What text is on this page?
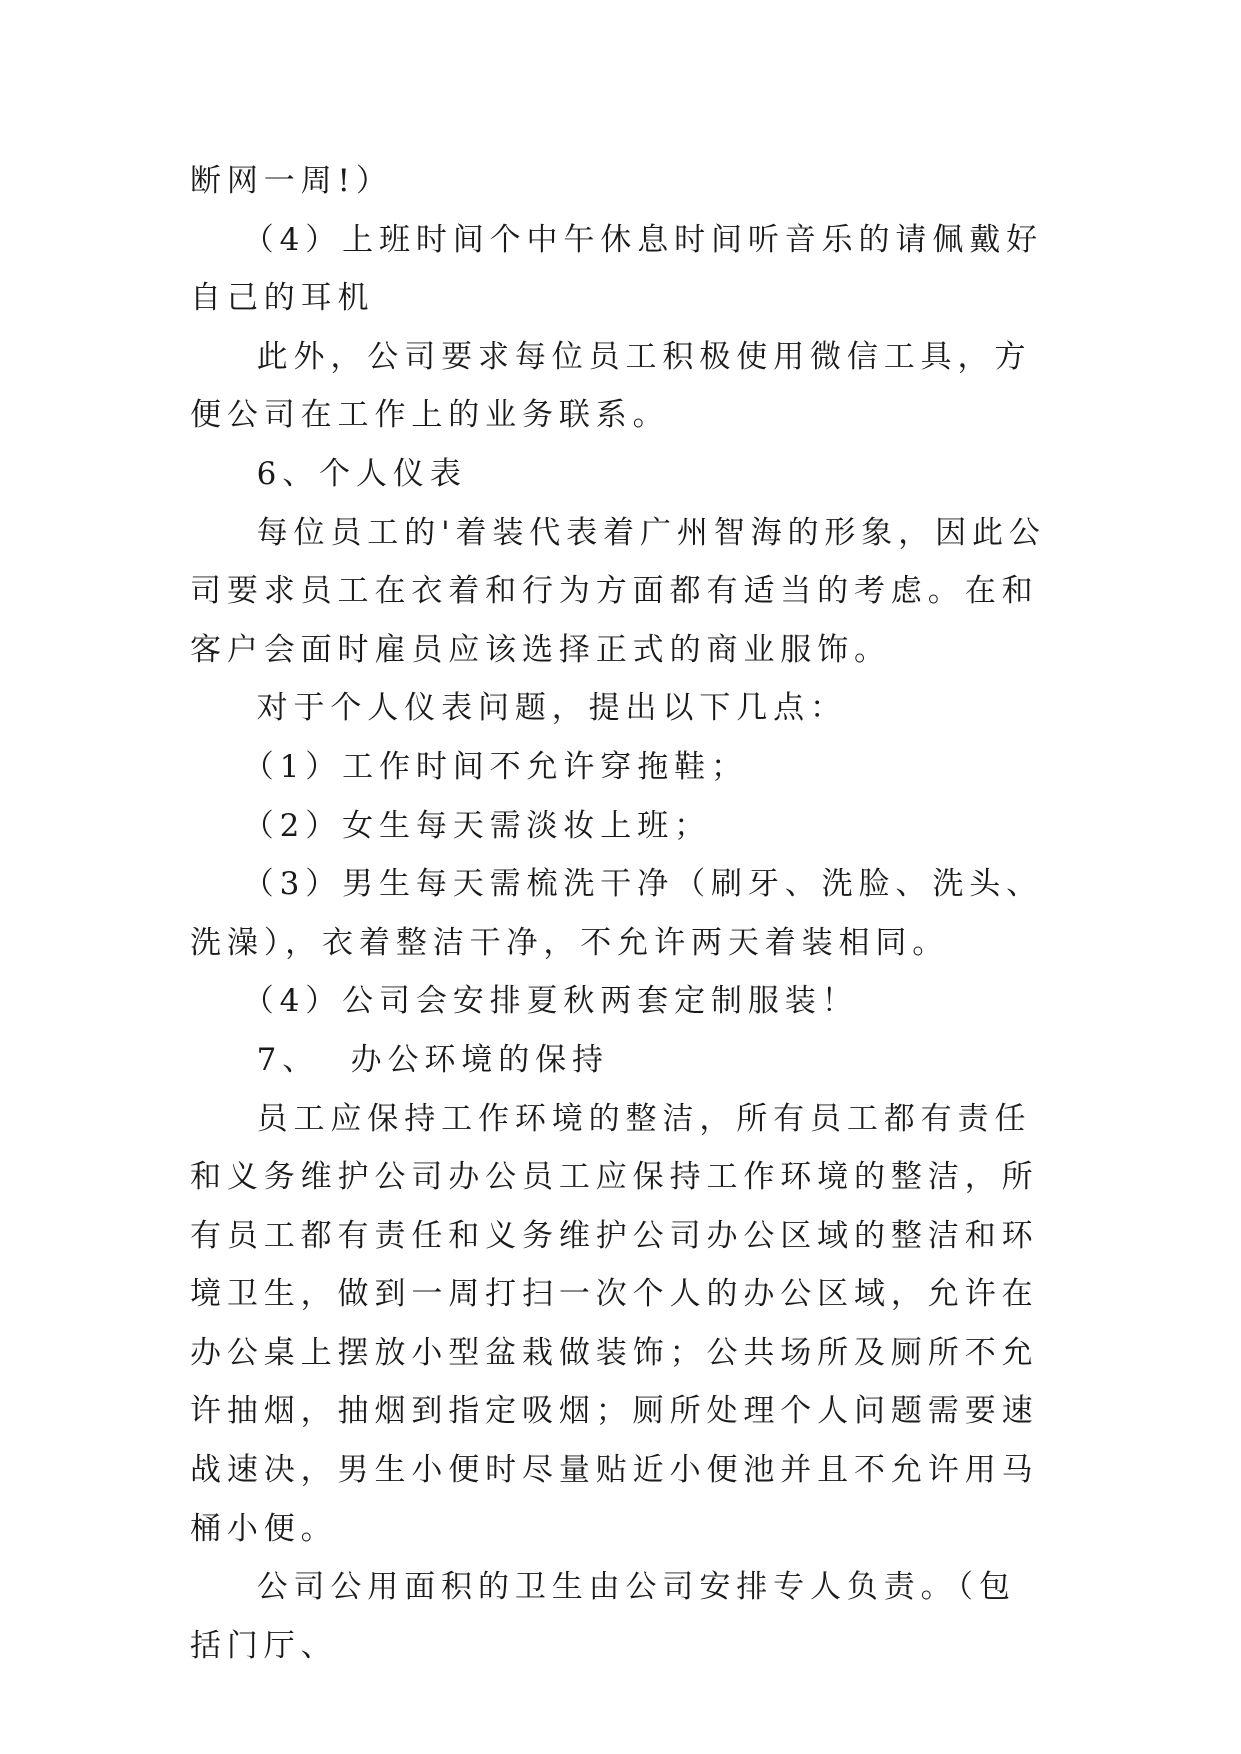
断网一周!）

（4）上班时间个中午休息时间听音乐的请佩戴好自己的耳机

此外，公司要求每位员工积极使用微信工具，方便公司在工作上的业务联系。

6、个人仪表

每位员工的'着装代表着广州智海的形象，因此公司要求员工在衣着和行为方面都有适当的考虑。在和客户会面时雇员应该选择正式的商业服饰。

对于个人仪表问题，提出以下几点：

（1）工作时间不允许穿拖鞋；

（2）女生每天需淡妆上班；

（3）男生每天需梳洗干净（刷牙、洗脸、洗头、洗澡），衣着整洁干净，不允许两天着装相同。

（4）公司会安排夏秋两套定制服装！

7、  办公环境的保持

员工应保持工作环境的整洁，所有员工都有责任和义务维护公司办公员工应保持工作环境的整洁，所有员工都有责任和义务维护公司办公区域的整洁和环境卫生，做到一周打扫一次个人的办公区域，允许在办公桌上摆放小型盆栽做装饰；公共场所及厕所不允许抽烟，抽烟到指定吸烟；厕所处理个人问题需要速战速决，男生小便时尽量贴近小便池并且不允许用马桶小便。

公司公用面积的卫生由公司安排专人负责。（包括门厅、
